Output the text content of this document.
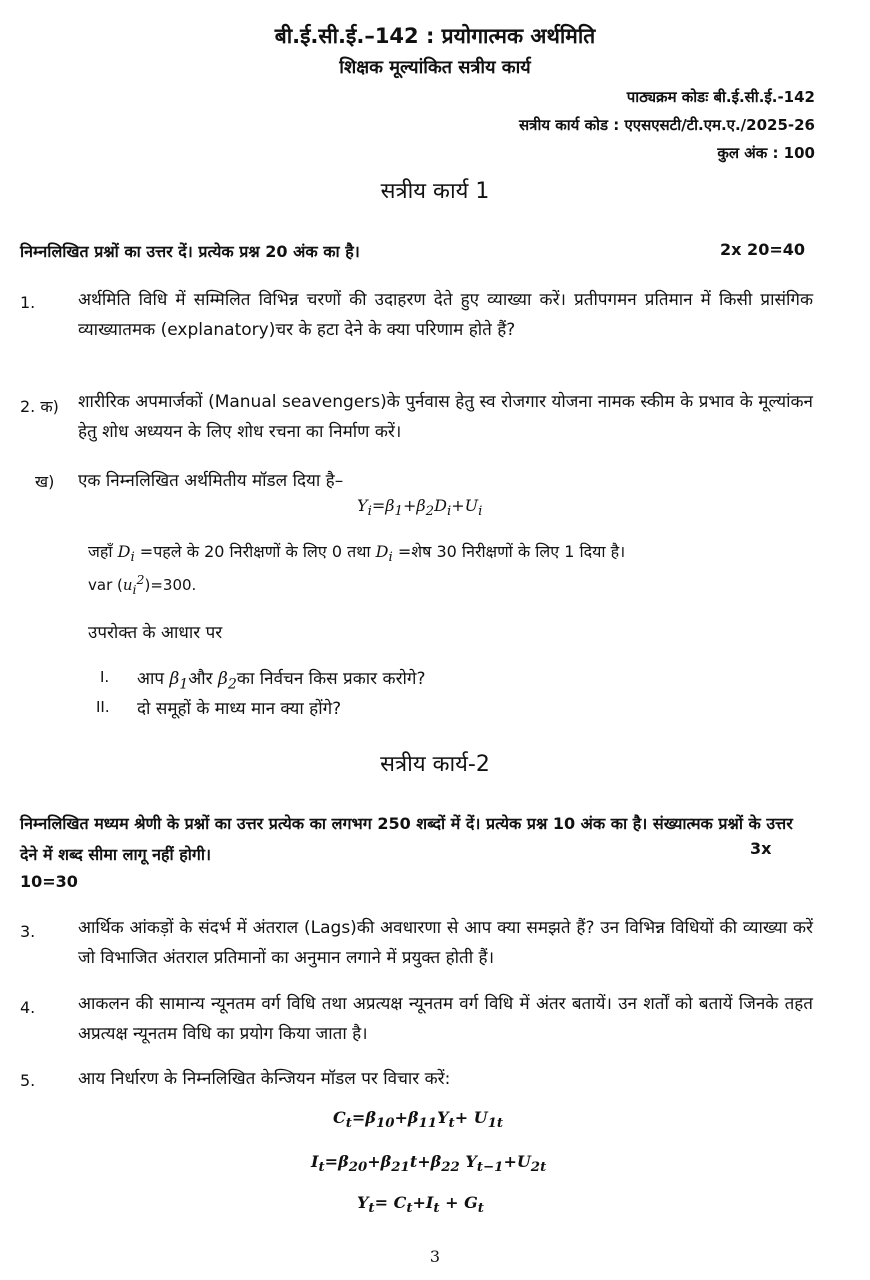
बी.ई.सी.ई.–142 : प्रयोगात्मक अर्थमिति
शिक्षक मूल्यांकित सत्रीय कार्य
पाठ्यक्रम कोडः बी.ई.सी.ई.-142
सत्रीय कार्य कोड : एएसएसटी/टी.एम.ए./2025-26
कुल अंक : 100
सत्रीय कार्य 1
निम्नलिखित प्रश्नों का उत्तर दें। प्रत्येक प्रश्न 20 अंक का है।	2x 20=40
1.	अर्थमिति विधि में सम्मिलित विभिन्न चरणों की उदाहरण देते हुए व्याख्या करें। प्रतीपगमन प्रतिमान में किसी प्रासंगिक व्याख्यातमक (explanatory)चर के हटा देने के क्या परिणाम होते हैं?
2. क) शारीरिक अपमार्जकों (Manual seavengers)के पुर्नवास हेतु स्व रोजगार योजना नामक स्कीम के प्रभाव के मूल्यांकन हेतु शोध अध्ययन के लिए शोध रचना का निर्माण करें।
ख) एक निम्नलिखित अर्थमितीय मॉडल दिया है–
$Y_i=\beta_1+\beta_2D_i+U_i$
जहाँ $D_i$ =पहले के 20 निरीक्षणों के लिए 0 तथा $D_i$ =शेष 30 निरीक्षणों के लिए 1 दिया है।
var $(u_i^2)=300$.
उपरोक्त के आधार पर
I. आप $\beta_1और$ $\beta_2का$ निर्वचन किस प्रकार करोगे?
II. दो समूहों के माध्य मान क्या होंगे?
सत्रीय कार्य-2
निम्नलिखित मध्यम श्रेणी के प्रश्नों का उत्तर प्रत्येक का लगभग 250 शब्दों में दें। प्रत्येक प्रश्न 10 अंक का है। संख्यात्मक प्रश्नों के उत्तर देने में शब्द सीमा लागू नहीं होगी।	3x
10=30
3.	आर्थिक आंकड़ों के संदर्भ में अंतराल (Lags)की अवधारणा से आप क्या समझते हैं? उन विभिन्न विधियों की व्याख्या करें जो विभाजित अंतराल प्रतिमानों का अनुमान लगाने में प्रयुक्त होती हैं।
4.	आकलन की सामान्य न्यूनतम वर्ग विधि तथा अप्रत्यक्ष न्यूनतम वर्ग विधि में अंतर बतायें। उन शर्तों को बतायें जिनके तहत अप्रत्यक्ष न्यूनतम विधि का प्रयोग किया जाता है।
5.	आय निर्धारण के निम्नलिखित केन्जियन मॉडल पर विचार करें:
$C_t=\beta_{10}+\beta_{11}Y_t+ U_{1t}$
$I_t=\beta_{20}+\beta_{21}t+\beta_{22}$ $Y_{t-1}+U_{2t}$
$Y_t= C_t+I_t + G_t$
3
